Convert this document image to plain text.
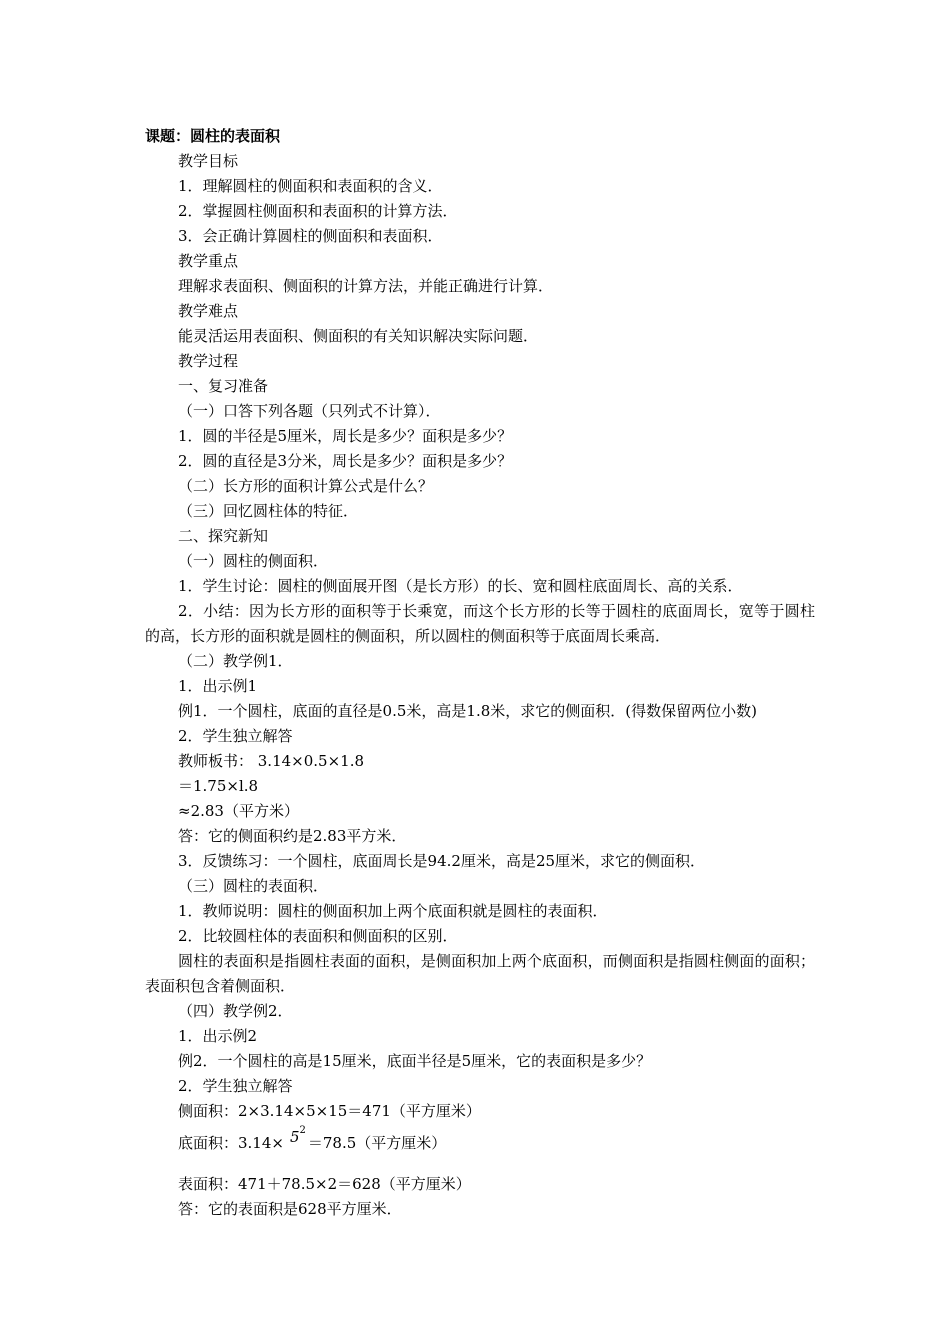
课题：圆柱的表面积

教学目标

1．理解圆柱的侧面积和表面积的含义．

2．掌握圆柱侧面积和表面积的计算方法．

3．会正确计算圆柱的侧面积和表面积．

教学重点

理解求表面积、侧面积的计算方法，并能正确进行计算．

教学难点

能灵活运用表面积、侧面积的有关知识解决实际问题．

教学过程

一、复习准备

（一）口答下列各题（只列式不计算）．

1．圆的半径是5厘米，周长是多少？面积是多少？

2．圆的直径是3分米，周长是多少？面积是多少？

（二）长方形的面积计算公式是什么？

（三）回忆圆柱体的特征．

二、探究新知

（一）圆柱的侧面积．

1．学生讨论：圆柱的侧面展开图（是长方形）的长、宽和圆柱底面周长、高的关系．

2．小结：因为长方形的面积等于长乘宽，而这个长方形的长等于圆柱的底面周长，宽等于圆柱的高，长方形的面积就是圆柱的侧面积，所以圆柱的侧面积等于底面周长乘高．

（二）教学例1．

1．出示例1

例1．一个圆柱，底面的直径是0.5米，高是1.8米，求它的侧面积．(得数保留两位小数)

2．学生独立解答

教师板书： 3.14×0.5×1.8

＝1.75×l.8

≈2.83（平方米）

答：它的侧面积约是2.83平方米．

3．反馈练习：一个圆柱，底面周长是94.2厘米，高是25厘米，求它的侧面积．

（三）圆柱的表面积．

1．教师说明：圆柱的侧面积加上两个底面积就是圆柱的表面积．

2．比较圆柱体的表面积和侧面积的区别．

圆柱的表面积是指圆柱表面的面积，是侧面积加上两个底面积，而侧面积是指圆柱侧面的面积；表面积包含着侧面积．

（四）教学例2．

1．出示例2

例2．一个圆柱的高是15厘米，底面半径是5厘米，它的表面积是多少？

2．学生独立解答

侧面积：2×3.14×5×15＝471（平方厘米）

底面积：$3.14\times 5^2=78.5$（平方厘米）

表面积：471＋78.5×2＝628（平方厘米）

答：它的表面积是628平方厘米．
